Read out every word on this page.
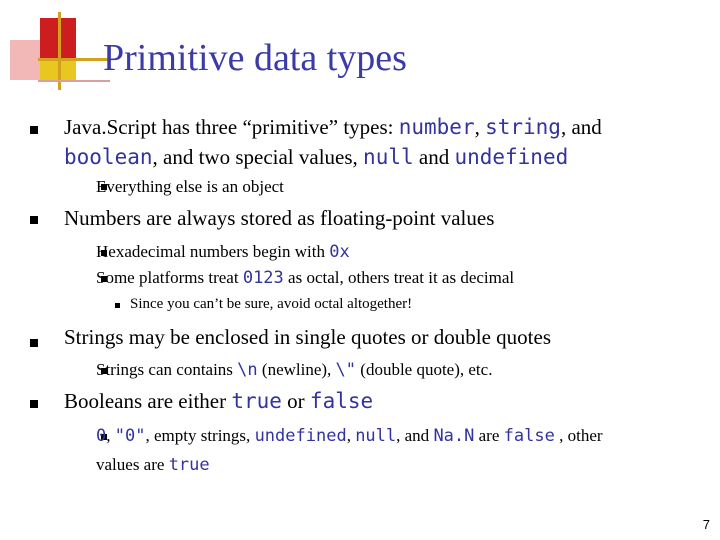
Primitive data types
Java.Script has three “primitive” types: number, string, and
boolean, and two special values, null and undefined
Everything else is an object
Numbers are always stored as floating-point values
Hexadecimal numbers begin with 0x
Some platforms treat 0123 as octal, others treat it as decimal
Since you can’t be sure, avoid octal altogether!
Strings may be enclosed in single quotes or double quotes
Strings can contains \n (newline), \" (double quote), etc.
Booleans are either true or false
0, "0", empty strings, undefined, null, and Na.N are false , other
values are true
7
